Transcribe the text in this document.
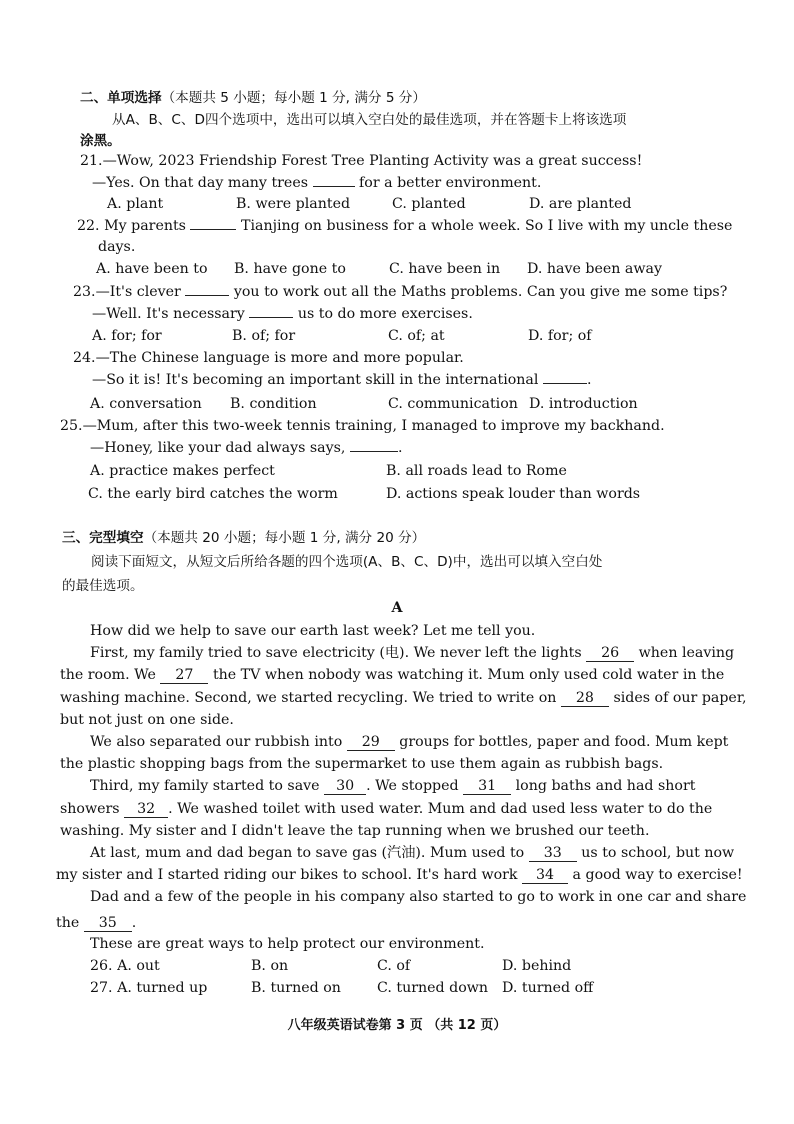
二、单项选择（本题共 5 小题；每小题 1 分, 满分 5 分）
从A、B、C、D四个选项中，选出可以填入空白处的最佳选项，并在答题卡上将该选项
涂黑。
21.—Wow, 2023 Friendship Forest Tree Planting Activity was a great success!
—Yes. On that day many trees	for a better environment.
A. plant	B. were planted	C. planted	D. are planted
22. My parents	Tianjing on business for a whole week. So I live with my uncle these
days.
A. have been to B. have gone to	C. have been in D. have been away
23.—It's clever	you to work out all the Maths problems. Can you give me some tips?
—Well. It's necessary	us to do more exercises.
A. for; for	B. of; for	C. of; at	D. for; of
24.—The Chinese language is more and more popular.
—So it is! It's becoming an important skill in the international	.
A. conversation B. condition	C. communication D. introduction
25.—Mum, after this two-week tennis training, I managed to improve my backhand.
—Honey, like your dad always says,	.
A. practice makes perfect	B. all roads lead to Rome
C. the early bird catches the worm	D. actions speak louder than words
三、完型填空（本题共 20 小题；每小题 1 分, 满分 20 分）
阅读下面短文，从短文后所给各题的四个选项(A、B、C、D)中，选出可以填入空白处
的最佳选项。
A
How did we help to save our earth last week? Let me tell you.
First, my family tried to save electricity (电). We never left the lights 26 when leaving
the room. We 27 the TV when nobody was watching it. Mum only used cold water in the
washing machine. Second, we started recycling. We tried to write on 28 sides of our paper,
but not just on one side.
We also separated our rubbish into 29 groups for bottles, paper and food. Mum kept
the plastic shopping bags from the supermarket to use them again as rubbish bags.
Third, my family started to save 30 . We stopped 31 long baths and had short
showers 32 . We washed toilet with used water. Mum and dad used less water to do the
washing. My sister and I didn't leave the tap running when we brushed our teeth.
At last, mum and dad began to save gas (汽油). Mum used to 33 us to school, but now
my sister and I started riding our bikes to school. It's hard work 34 a good way to exercise!
Dad and a few of the people in his company also started to go to work in one car and share
the 35 .
These are great ways to help protect our environment.
26. A. out	B. on	C. of	D. behind
27. A. turned up	B. turned on	C. turned down D. turned off
八年级英语试卷第 3 页 （共 12 页）
